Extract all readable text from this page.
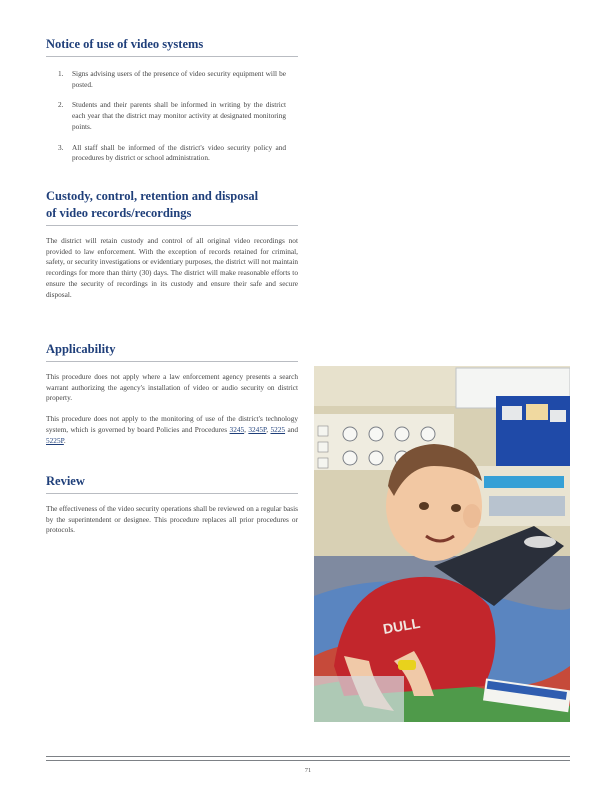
Notice of use of video systems
1.	Signs advising users of the presence of video security equipment will be posted.

2.	Students and their parents shall be informed in writing by the district each year that the district may monitor activity at designated monitoring points.

3.	All staff shall be informed of the district's video security policy and procedures by district or school administration.

Custody, control, retention and disposal
of video records/recordings

The district will retain custody and control of all original video recordings not provided to law enforcement. With the exception of records retained for criminal, safety, or security investigations or evidentiary purposes, the district will not maintain recordings for more than thirty (30) days. The district will make reasonable efforts to ensure the security of recordings in its custody and ensure their safe and secure disposal.

Applicability

This procedure does not apply where a law enforcement agency presents a search warrant authorizing the agency's installation of video or audio security on district property.

This procedure does not apply to the monitoring of use of the district's technology system, which is governed by board Policies and Procedures 3245, 3245P, 5225 and 5225P.

Review

The effectiveness of the video security operations shall be reviewed on a regular basis by the superintendent or designee. This procedure replaces all prior procedures or protocols.

DULL
71
